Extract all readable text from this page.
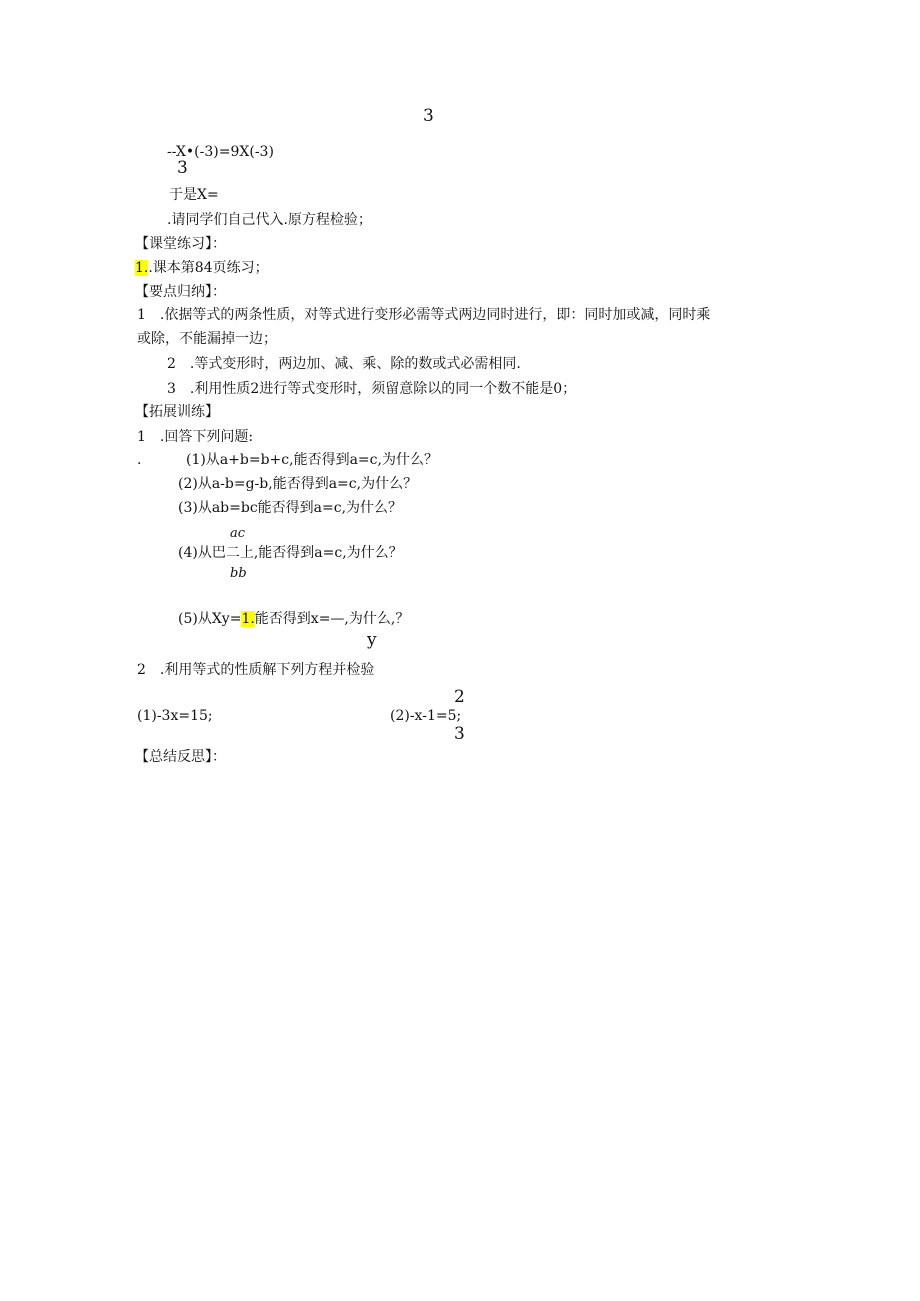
3
--X•(-3)=9X(-3)
3
于是X=
.请同学们自己代入.原方程检验；
【课堂练习】：
1..课本第84页练习；
【要点归纳】：
1　.依据等式的两条性质，对等式进行变形必需等式两边同时进行，即：同时加或减，同时乘
或除，不能漏掉一边；
2　.等式变形时，两边加、减、乘、除的数或式必需相同.
3　.利用性质2进行等式变形时，须留意除以的同一个数不能是0；
【拓展训练】
1　.回答下列问题:
.	(1)从a+b=b+c,能否得到a=c,为什么？
(2)从a-b=g-b,能否得到a=c,为什么？
(3)从ab=bc能否得到a=c,为什么？
ac
(4)从巴二上,能否得到a=c,为什么？
bb
(5)从Xy=1.能否得到x=—,为什么,？
y
2　.利用等式的性质解下列方程并检验
2
(1)-3x=15;	(2)-x-1=5;
3
【总结反思】：
